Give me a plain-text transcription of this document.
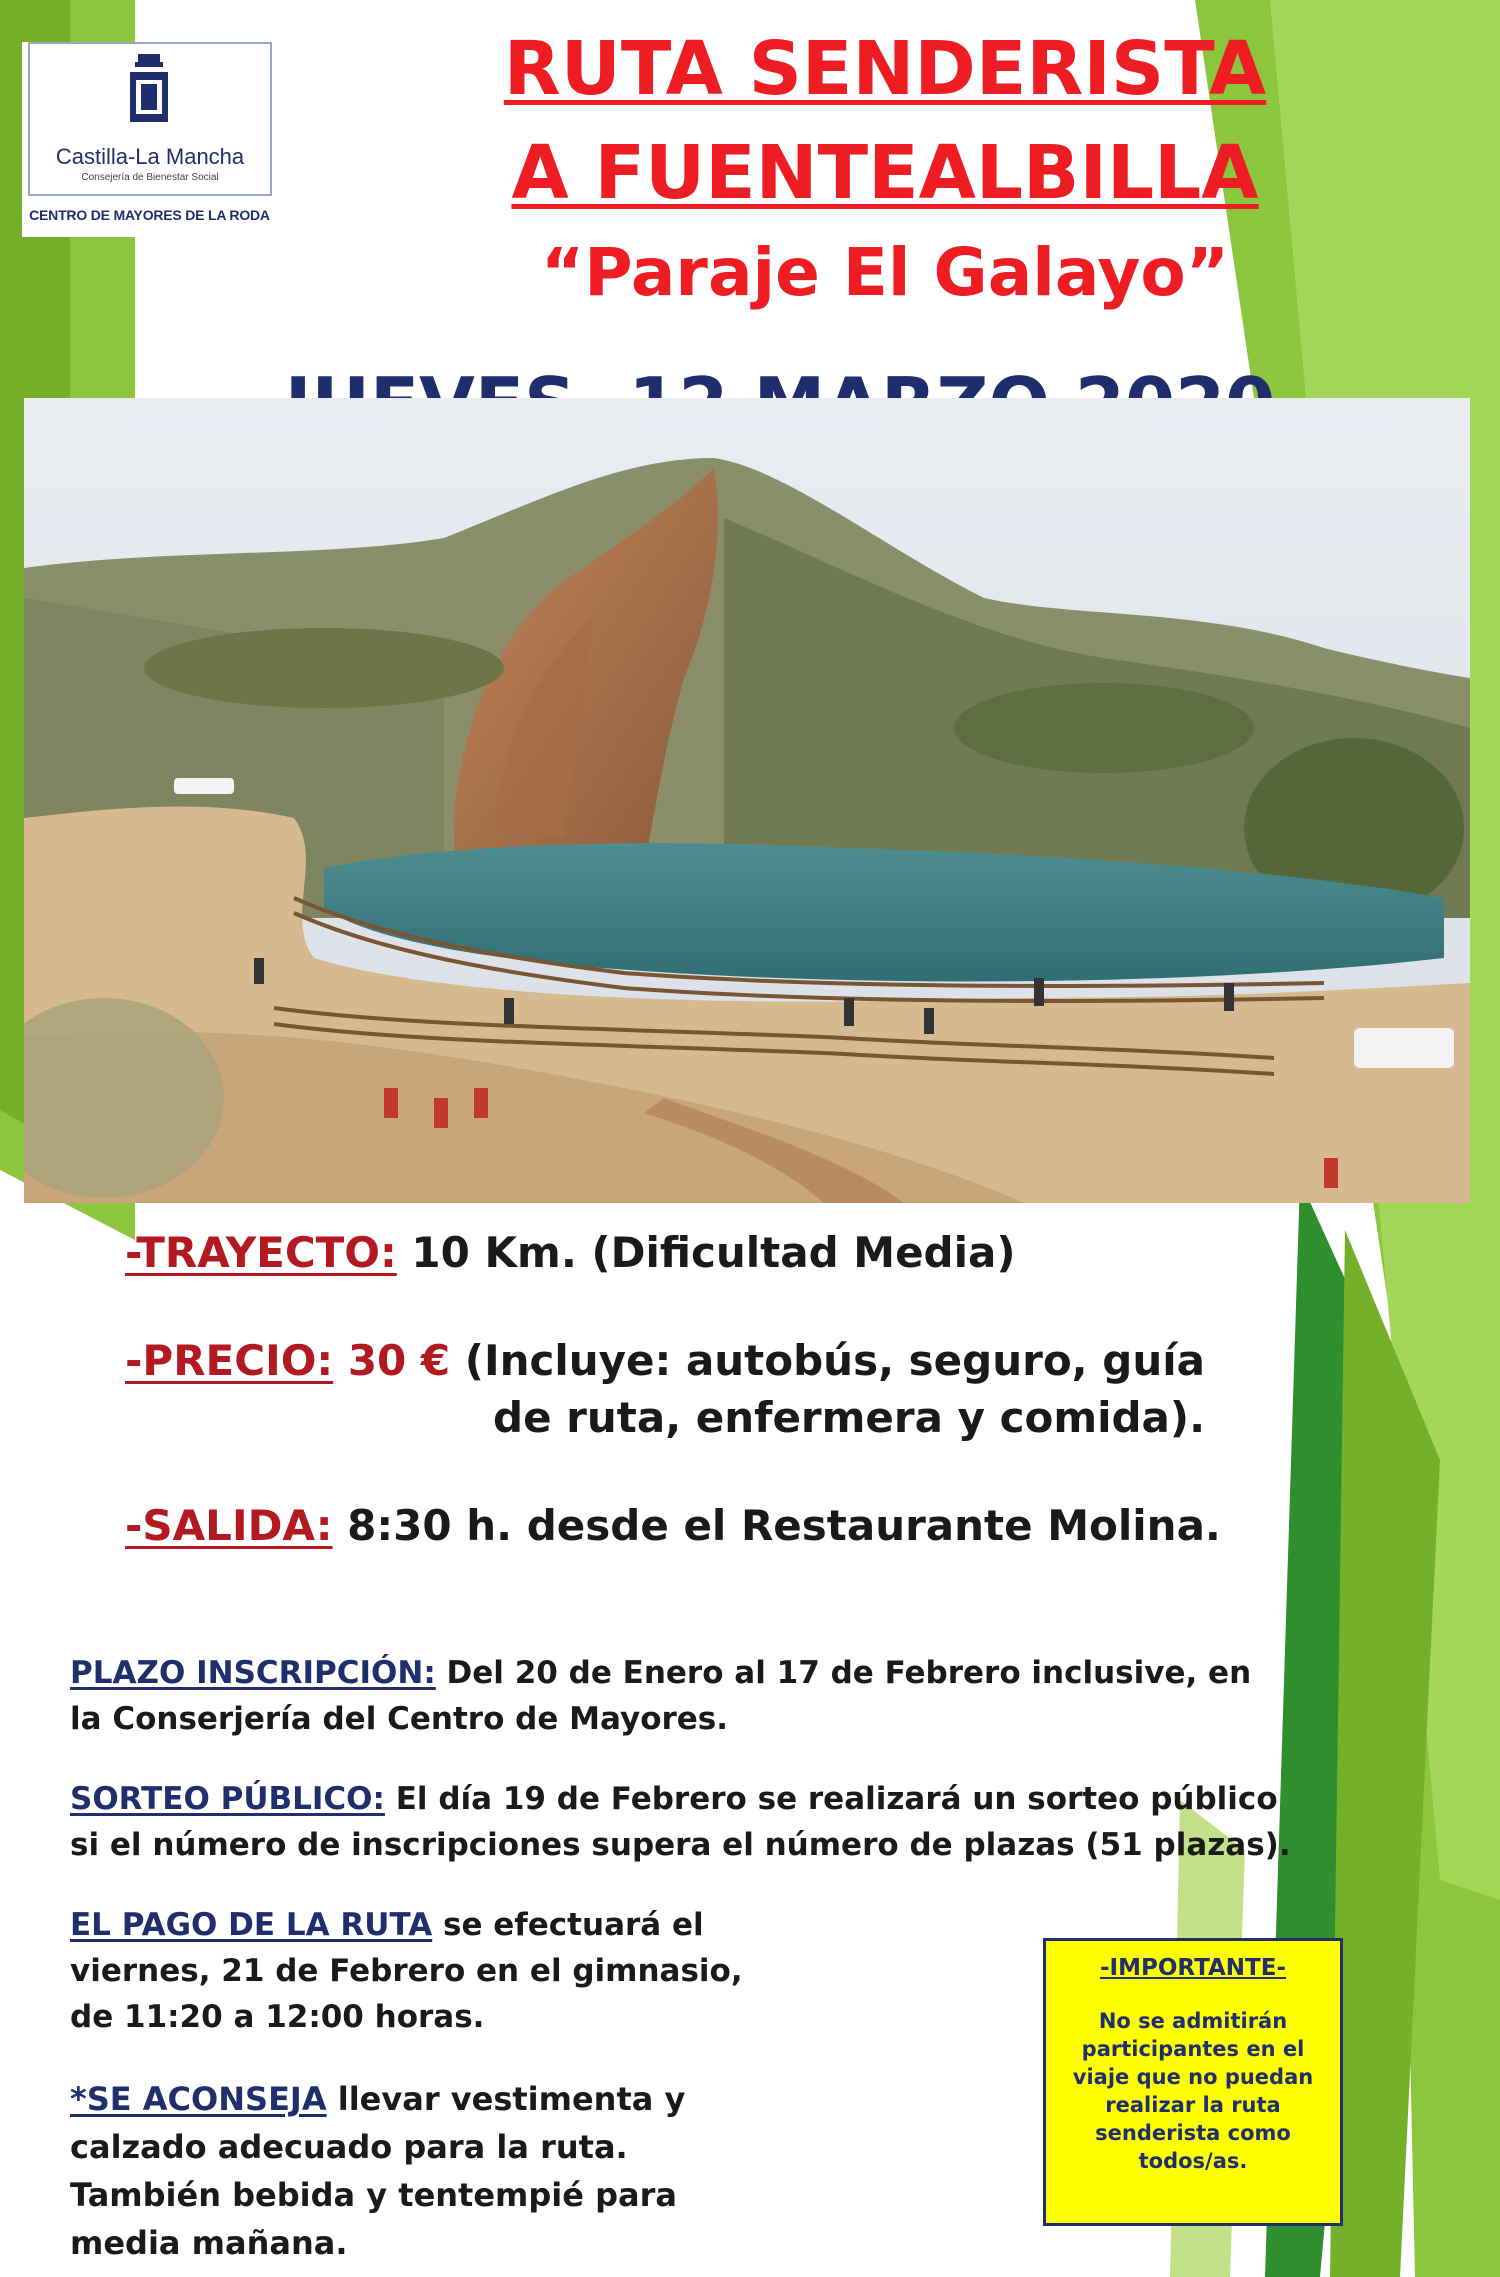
Castilla-La Mancha
Consejería de Bienestar Social
CENTRO DE MAYORES DE LA RODA
RUTA SENDERISTA
A FUENTEALBILLA
“Paraje El Galayo”
-TRAYECTO: 10 Km. (Dificultad Media)
-PRECIO: 30 € (Incluye: autobús, seguro, guía
de ruta, enfermera y comida).
-SALIDA: 8:30 h. desde el Restaurante Molina.
PLAZO INSCRIPCIÓN: Del 20 de Enero al 17 de Febrero inclusive, en
la Conserjería del Centro de Mayores.
SORTEO PÚBLICO: El día 19 de Febrero se realizará un sorteo público
si el número de inscripciones supera el número de plazas (51 plazas).
EL PAGO DE LA RUTA se efectuará el
viernes, 21 de Febrero en el gimnasio,
de 11:20 a 12:00 horas.
*SE ACONSEJA llevar vestimenta y
calzado adecuado para la ruta.
También bebida y tentempié para
media mañana.
-IMPORTANTE-
No se admitirán participantes en el viaje que no puedan realizar la ruta senderista como todos/as.
